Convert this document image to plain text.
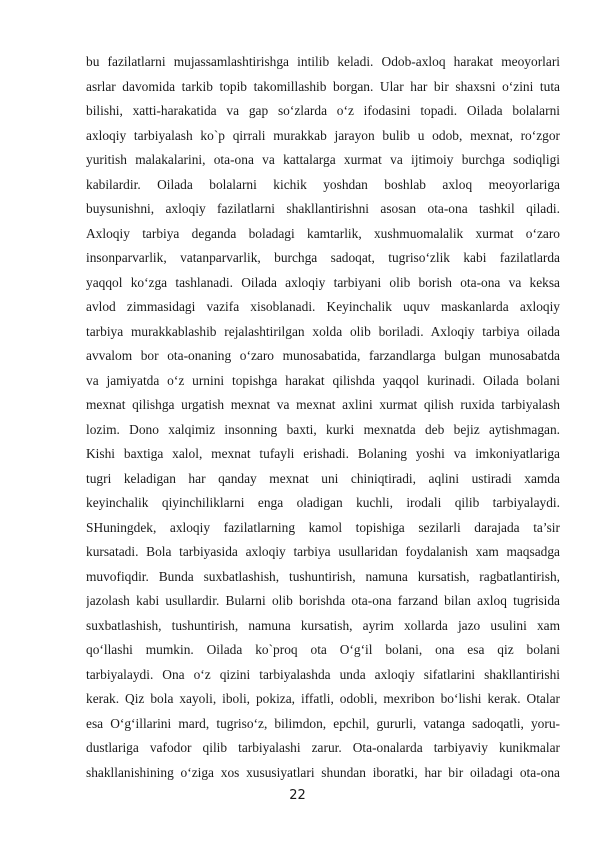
bu fazilatlarni mujassamlashtirishga intilib keladi. Odob-axloq harakat meoyorlari
asrlar davomida tarkib topib takomillashib borgan. Ular har bir shaxsni o‘zini tuta
bilishi, xatti-harakatida va gap so‘zlarda o‘z ifodasini topadi. Oilada bolalarni
axloqiy tarbiyalash ko`p qirrali murakkab jarayon bulib u odob, mexnat, ro‘zgor
yuritish malakalarini, ota-ona va kattalarga xurmat va ijtimoiy burchga sodiqligi
kabilardir. Oilada bolalarni kichik yoshdan boshlab axloq meoyorlariga
buysunishni, axloqiy fazilatlarni shakllantirishni asosan ota-ona tashkil qiladi.
Axloqiy tarbiya deganda boladagi kamtarlik, xushmuomalalik xurmat o‘zaro
insonparvarlik, vatanparvarlik, burchga sadoqat, tugriso‘zlik kabi fazilatlarda
yaqqol ko‘zga tashlanadi. Oilada axloqiy tarbiyani olib borish ota-ona va keksa
avlod zimmasidagi vazifa xisoblanadi. Keyinchalik uquv maskanlarda axloqiy
tarbiya murakkablashib rejalashtirilgan xolda olib boriladi. Axloqiy tarbiya oilada
avvalom bor ota-onaning o‘zaro munosabatida, farzandlarga bulgan munosabatda
va jamiyatda o‘z urnini topishga harakat qilishda yaqqol kurinadi. Oilada bolani
mexnat qilishga urgatish mexnat va mexnat axlini xurmat qilish ruxida tarbiyalash
lozim. Dono xalqimiz insonning baxti, kurki mexnatda deb bejiz aytishmagan.
Kishi baxtiga xalol, mexnat tufayli erishadi. Bolaning yoshi va imkoniyatlariga
tugri keladigan har qanday mexnat uni chiniqtiradi, aqlini ustiradi xamda
keyinchalik qiyinchiliklarni enga oladigan kuchli, irodali qilib tarbiyalaydi.
SHuningdek, axloqiy fazilatlarning kamol topishiga sezilarli darajada ta’sir
kursatadi. Bola tarbiyasida axloqiy tarbiya usullaridan foydalanish xam maqsadga
muvofiqdir. Bunda suxbatlashish, tushuntirish, namuna kursatish, ragbatlantirish,
jazolash kabi usullardir. Bularni olib borishda ota-ona farzand bilan axloq tugrisida
suxbatlashish, tushuntirish, namuna kursatish, ayrim xollarda jazo usulini xam
qo‘llashi mumkin. Oilada ko`proq ota O‘g‘il bolani, ona esa qiz bolani
tarbiyalaydi. Ona o‘z qizini tarbiyalashda unda axloqiy sifatlarini shakllantirishi
kerak. Qiz bola xayoli, iboli, pokiza, iffatli, odobli, mexribon bo‘lishi kerak. Otalar
esa O‘g‘illarini mard, tugriso‘z, bilimdon, epchil, gururli, vatanga sadoqatli, yoru-
dustlariga vafodor qilib tarbiyalashi zarur. Ota-onalarda tarbiyaviy kunikmalar
shakllanishining o‘ziga xos xususiyatlari shundan iboratki, har bir oiladagi ota-ona
22
